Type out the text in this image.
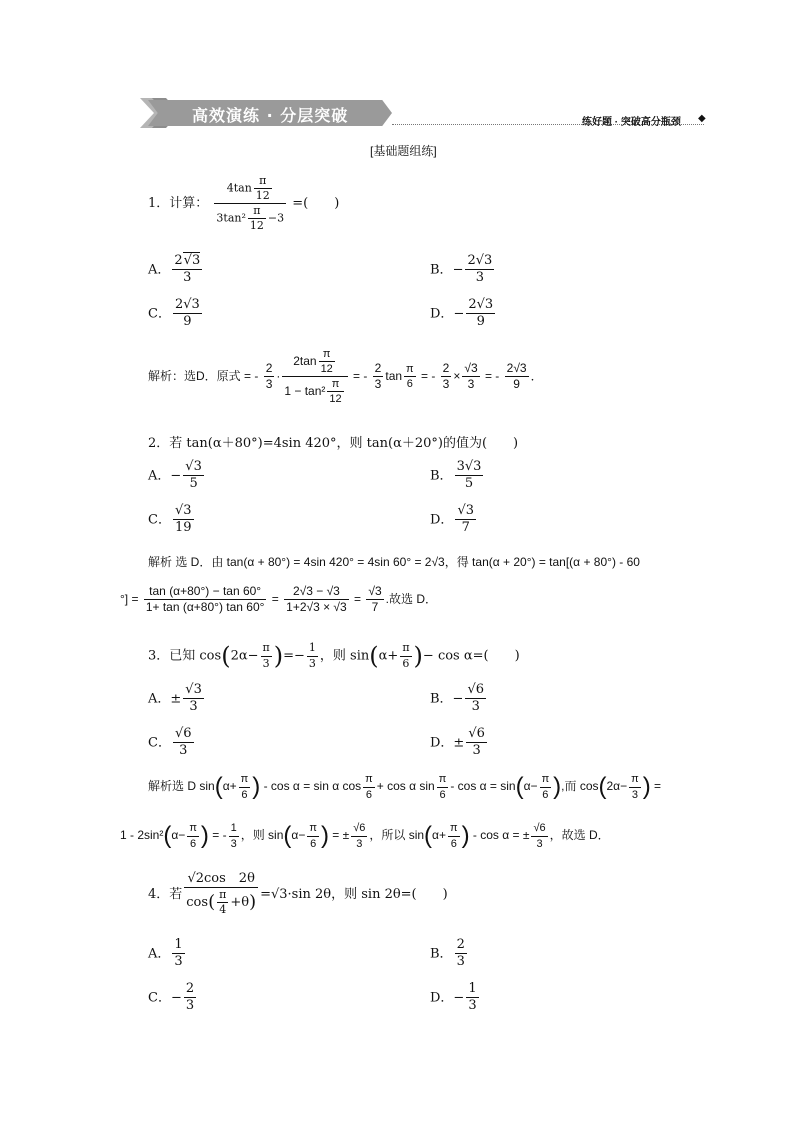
高效演练 · 分层突破	练好题 · 突破高分瓶颈 ◆
[基础题组练]
1．计算： $\frac{4\tan \frac{\pi}{12}}{3\tan^2 \frac{\pi}{12} -3}$ =(　　)
A． $\frac{2√3}{3}$	B．− $\frac{2√3}{3}$
C． $\frac{2√3}{9}$	D．− $\frac{2√3}{9}$
解析：选D．原式 = - $\frac{2}{3} \cdot \frac{2\tan \frac{\pi}{12}}{1 - \tan^2 \frac{\pi}{12}}$ = - $\frac{2}{3}$ $\tan \frac{\pi}{6}$ = - $\frac{2}{3} \times \frac{√3}{3}$ = - $\frac{2√3}{9}$ ．
2．若 tan(α＋80°)=4sin 420°，则 tan(α＋20°)的值为(　　)
A．− $\frac{√3}{5}$	B． $\frac{3√3}{5}$
C． $\frac{√3}{19}$	D． $\frac{√3}{7}$
解析 选 D．由 tan(α + 80°) = 4sin 420° = 4sin 60° = 2√3，得 tan(α + 20°) = tan[(α + 80°) - 60
°] = $\frac{\tan (\alpha+80^\circ) - \tan 60^\circ}{1+ \tan (\alpha+80^\circ) \tan 60^\circ} = \frac{2√3 - √3}{1+2√3 \times √3} = \frac{√3}{7}$ .故选 D．
3．已知 $\cos(2\alpha- \frac{\pi}{3}$ )=− $\frac{1}{3}$ ，则 $\sin(\alpha+ \frac{\pi}{6}$ )− cos α=(　　)
A．± $\frac{√3}{3}$	B．− $\frac{√6}{3}$
C． $\frac{√6}{3}$	D．± $\frac{√6}{3}$
解析选 D $\sin(\alpha+ \frac{\pi}{6}$ ) - cos α = sin α $\cos \frac{\pi}{6} + \cos \alpha$ $\sin \frac{\pi}{6} - \cos \alpha = \sin(\alpha- \frac{\pi}{6}$ ),而 $\cos(2\alpha- \frac{\pi}{3}$ ) =
$1 - 2\sin^2(\alpha- \frac{\pi}{6}$ ) = - $\frac{1}{3}$ ，则 $\sin(\alpha- \frac{\pi}{6}$ ) = ± $\frac{√6}{3}$ ，所以 $\sin(\alpha+ \frac{\pi}{6}$ ) - cos α = ± $\frac{√6}{3}$ ，故选 D．
4．若 $\frac{√2\cos 2\theta}{\cos( \frac{\pi}{4} +\theta)} =√3\cdot\sin$ 2θ，则 sin 2θ=(　　)
A． $\frac{1}{3}$	B． $\frac{2}{3}$
C．− $\frac{2}{3}$	D．− $\frac{1}{3}$
